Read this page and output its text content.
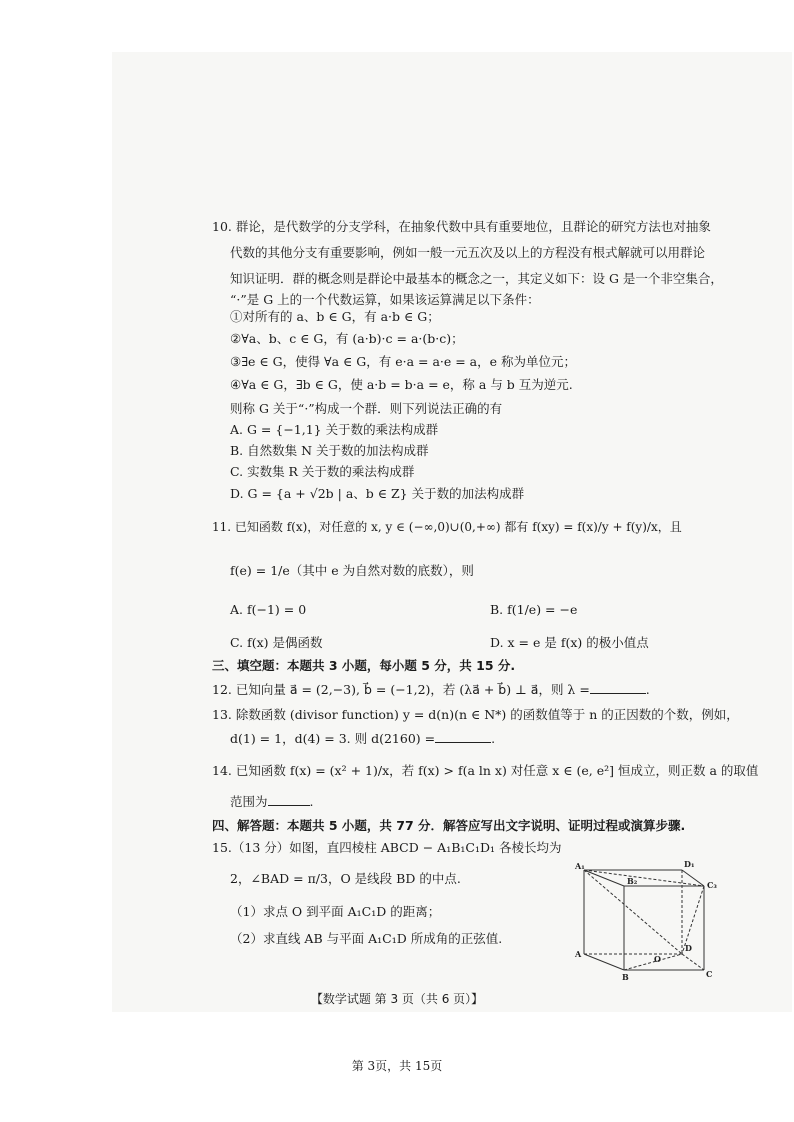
10. 群论，是代数学的分支学科，在抽象代数中具有重要地位，且群论的研究方法也对抽象
代数的其他分支有重要影响，例如一般一元五次及以上的方程没有根式解就可以用群论
知识证明．群的概念则是群论中最基本的概念之一，其定义如下：设 G 是一个非空集合，
“·”是 G 上的一个代数运算，如果该运算满足以下条件：
①对所有的 a、b ∈ G，有 a·b ∈ G；
②∀a、b、c ∈ G，有 (a·b)·c = a·(b·c)；
③∃e ∈ G，使得 ∀a ∈ G，有 e·a = a·e = a，e 称为单位元；
④∀a ∈ G，∃b ∈ G，使 a·b = b·a = e，称 a 与 b 互为逆元.
则称 G 关于“·”构成一个群．则下列说法正确的有
A. G = {−1,1} 关于数的乘法构成群
B. 自然数集 N 关于数的加法构成群
C. 实数集 R 关于数的乘法构成群
D. G = {a + √2b | a、b ∈ Z} 关于数的加法构成群
11. 已知函数 f(x)，对任意的 x, y ∈ (−∞,0)∪(0,+∞) 都有 f(xy) = f(x)/y + f(y)/x，且
f(e) = 1/e（其中 e 为自然对数的底数），则
A. f(−1) = 0	B. f(1/e) = −e
C. f(x) 是偶函数	D. x = e 是 f(x) 的极小值点
三、填空题：本题共 3 小题，每小题 5 分，共 15 分.
12. 已知向量 a⃗ = (2,−3), b⃗ = (−1,2)，若 (λa⃗ + b⃗) ⊥ a⃗，则 λ =	.
13. 除数函数 (divisor function) y = d(n)(n ∈ N*) 的函数值等于 n 的正因数的个数，例如，
d(1) = 1，d(4) = 3. 则 d(2160) =	.
14. 已知函数 f(x) = (x² + 1)/x，若 f(x) > f(a ln x) 对任意 x ∈ (e, e²] 恒成立，则正数 a 的取值
范围为	.
四、解答题：本题共 5 小题，共 77 分．解答应写出文字说明、证明过程或演算步骤.
15.（13 分）如图，直四棱柱 ABCD − A₁B₁C₁D₁ 各棱长均为
2，∠BAD = π/3，O 是线段 BD 的中点.
（1）求点 O 到平面 A₁C₁D 的距离；
（2）求直线 AB 与平面 A₁C₁D 所成角的正弦值.
A₁	D₁
B₂	C₃
A
D
O
B	C
【数学试题 第 3 页（共 6 页）】
第 3页，共 15页
